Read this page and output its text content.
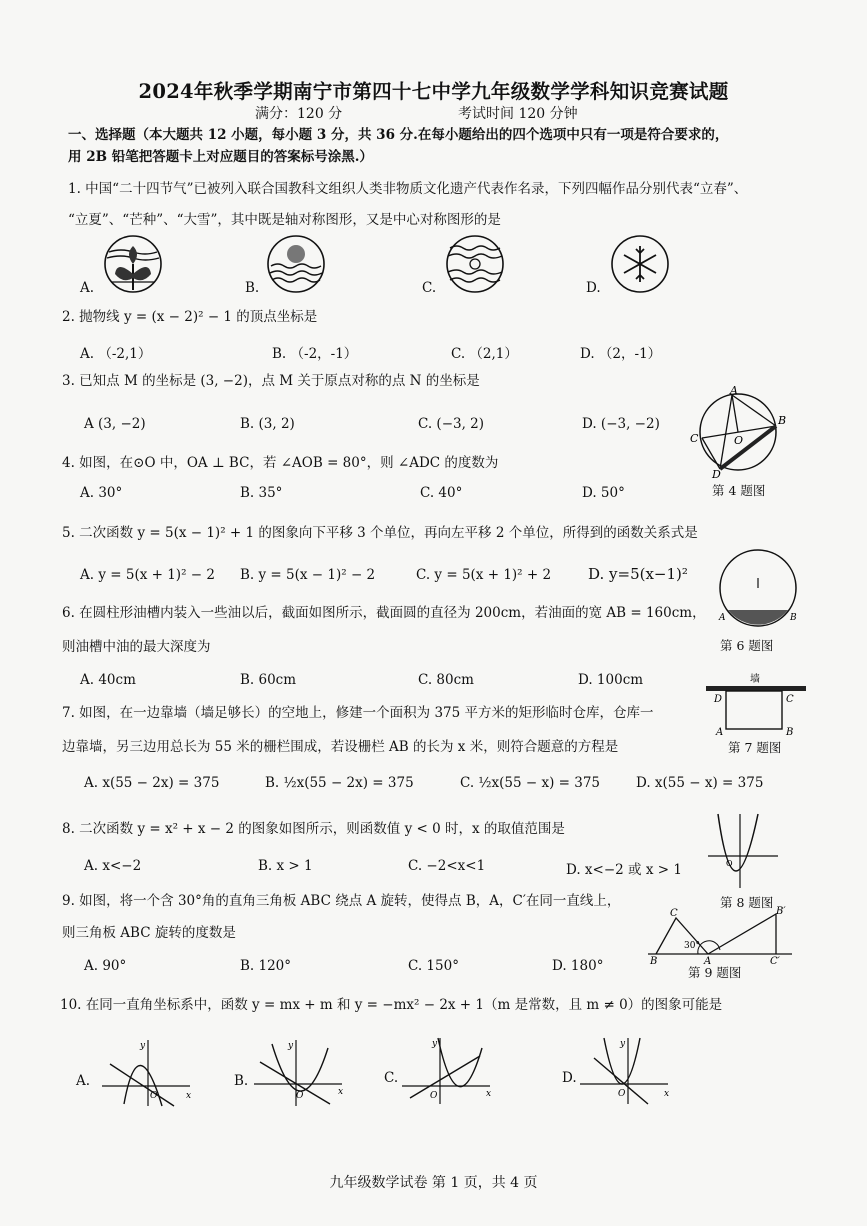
2024年秋季学期南宁市第四十七中学九年级数学学科知识竞赛试题
满分：120 分	考试时间 120 分钟
一、选择题（本大题共 12 小题，每小题 3 分，共 36 分.在每小题给出的四个选项中只有一项是符合要求的，
用 2B 铅笔把答题卡上对应题目的答案标号涂黑.）
1. 中国“二十四节气”已被列入联合国教科文组织人类非物质文化遗产代表作名录，下列四幅作品分别代表“立春”、
“立夏”、“芒种”、“大雪”，其中既是轴对称图形，又是中心对称图形的是
A.	B.	C.	D.
2. 抛物线 y = (x − 2)² − 1 的顶点坐标是
A. （-2,1）	B. （-2，-1）	C. （2,1）	D. （2，-1）
3. 已知点 M 的坐标是 (3, −2)，点 M 关于原点对称的点 N 的坐标是
A (3, −2)	B. (3, 2)	C. (−3, 2)	D. (−3, −2)
A
B
C	O
D
第 4 题图
4. 如图，在⊙O 中，OA ⊥ BC，若 ∠AOB = 80°，则 ∠ADC 的度数为
A. 30°	B. 35°	C. 40°	D. 50°
5. 二次函数 y = 5(x − 1)² + 1 的图象向下平移 3 个单位，再向左平移 2 个单位，所得到的函数关系式是
A. y = 5(x + 1)² − 2 B. y = 5(x − 1)² − 2	C. y = 5(x + 1)² + 2 D. y=5(x−1)²
A	B
第 6 题图
6. 在圆柱形油槽内装入一些油以后，截面如图所示，截面圆的直径为 200cm，若油面的宽 AB = 160cm，
则油槽中油的最大深度为
A. 40cm	B. 60cm	C. 80cm	D. 100cm	墙
D	C
A	B
第 7 题图
7. 如图，在一边靠墙（墙足够长）的空地上，修建一个面积为 375 平方米的矩形临时仓库，仓库一
边靠墙，另三边用总长为 55 米的栅栏围成，若设栅栏 AB 的长为 x 米，则符合题意的方程是
A. x(55 − 2x) = 375	B. ½x(55 − 2x) = 375	C. ½x(55 − x) = 375	D. x(55 − x) = 375
O
第 8 题图
8. 二次函数 y = x² + x − 2 的图象如图所示，则函数值 y < 0 时，x 的取值范围是
A. x<−2	B. x > 1	C. −2<x<1	D. x<−2 或 x > 1
C	B′
30°
B	A	C′
第 9 题图
9. 如图，将一个含 30°角的直角三角板 ABC 绕点 A 旋转，使得点 B，A，C′在同一直线上，
则三角板 ABC 旋转的度数是
A. 90°	B. 120°	C. 150°	D. 180°
10. 在同一直角坐标系中，函数 y = mx + m 和 y = −mx² − 2x + 1（m 是常数，且 m ≠ 0）的图象可能是
A.	B.	C.	D.
y
x
O
y
x
O
y
x
O
y
x
O
九年级数学试卷 第 1 页，共 4 页
